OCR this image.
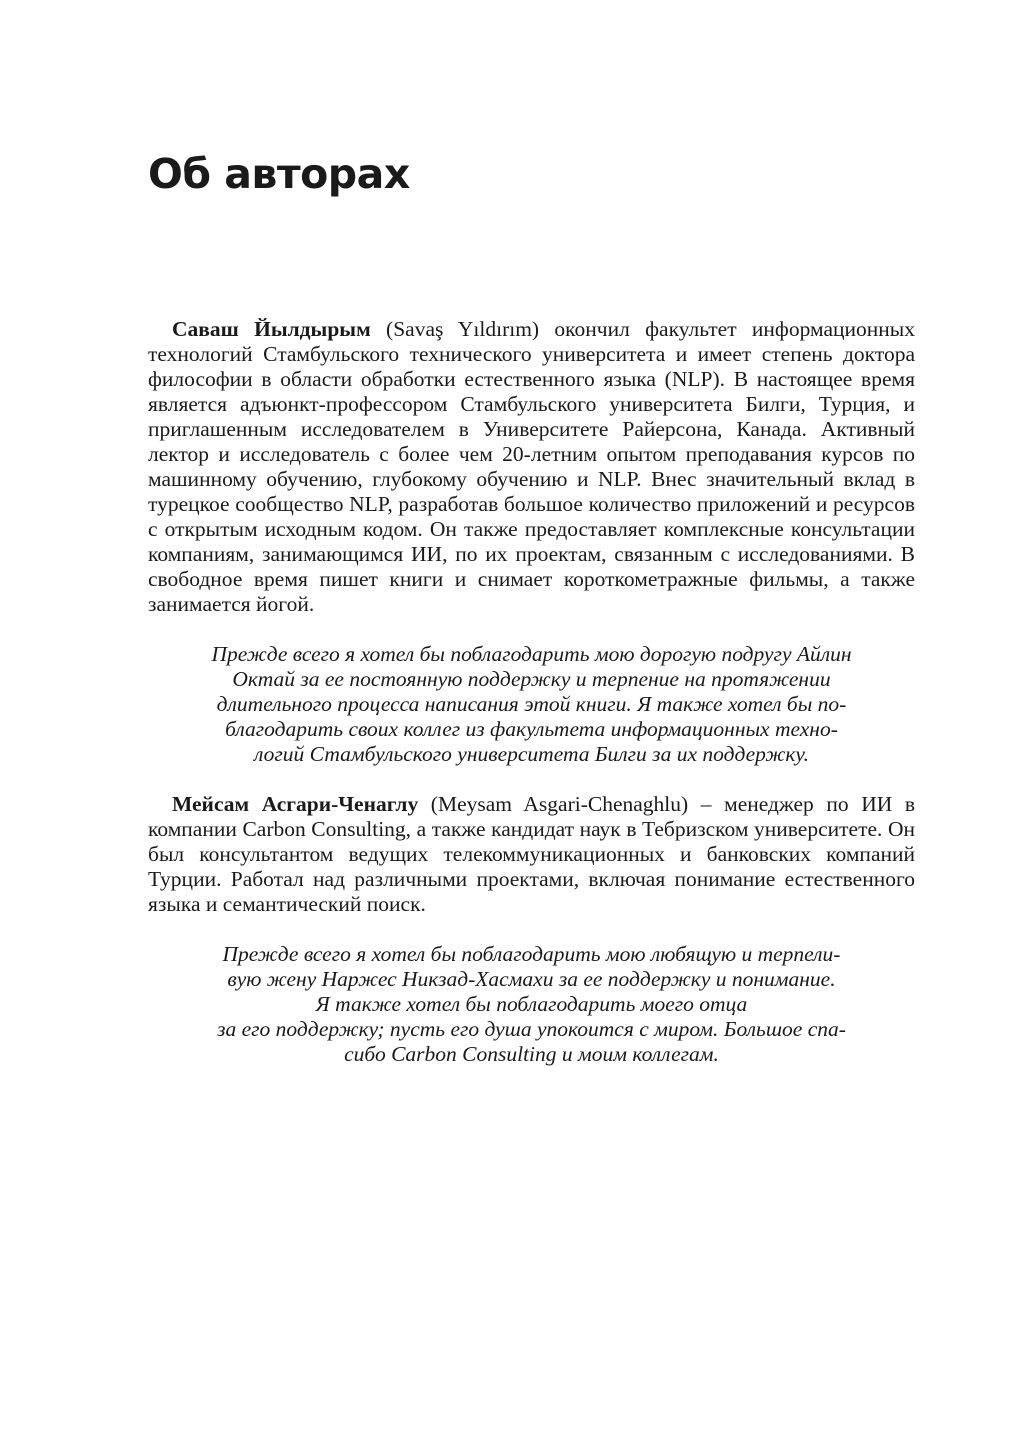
Об авторах

Саваш Йылдырым (Savaş Yıldırım) окончил факультет информационных технологий Стамбульского технического университета и имеет степень доктора философии в области обработки естественного языка (NLP). В настоящее время является адъюнкт-профессором Стамбульского университета Билги, Турция, и приглашенным исследователем в Университете Райерсона, Канада. Активный лектор и исследователь с более чем 20-летним опытом преподавания курсов по машинному обучению, глубокому обучению и NLP. Внес значительный вклад в турецкое сообщество NLP, разработав большое количество приложений и ресурсов с открытым исходным кодом. Он также предоставляет комплексные консультации компаниям, занимающимся ИИ, по их проектам, связанным с исследованиями. В свободное время пишет книги и снимает короткометражные фильмы, а также занимается йогой.

Прежде всего я хотел бы поблагодарить мою дорогую подругу Айлин
Октай за ее постоянную поддержку и терпение на протяжении
длительного процесса написания этой книги. Я также хотел бы по-
благодарить своих коллег из факультета информационных техно-
логий Стамбульского университета Билги за их поддержку.

Мейсам Асгари-Ченаглу (Meysam Asgari-Chenaghlu) – менеджер по ИИ в компании Carbon Consulting, а также кандидат наук в Тебризском университете. Он был консультантом ведущих телекоммуникационных и банковских компаний Турции. Работал над различными проектами, включая понимание естественного языка и семантический поиск.

Прежде всего я хотел бы поблагодарить мою любящую и терпели-
вую жену Наржес Никзад-Хасмахи за ее поддержку и понимание.
Я также хотел бы поблагодарить моего отца
за его поддержку; пусть его душа упокоится с миром. Большое спа-
сибо Carbon Consulting и моим коллегам.
